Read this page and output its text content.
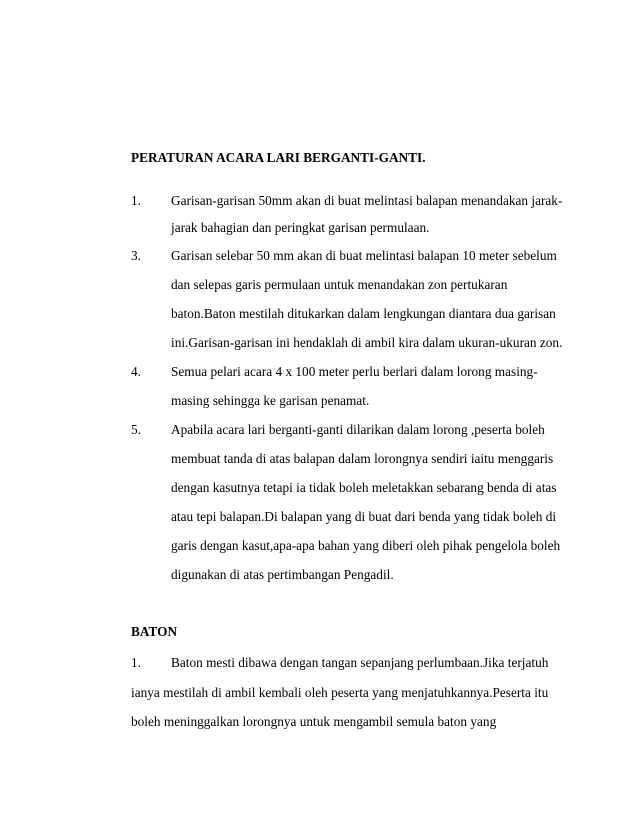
PERATURAN ACARA LARI BERGANTI-GANTI.
1. Garisan-garisan 50mm akan di buat melintasi balapan menandakan jarak-
jarak bahagian dan peringkat garisan permulaan.
3. Garisan selebar 50 mm akan di buat melintasi balapan 10 meter sebelum
dan selepas garis permulaan untuk menandakan zon pertukaran
baton.Baton mestilah ditukarkan dalam lengkungan diantara dua garisan
ini.Garisan-garisan ini hendaklah di ambil kira dalam ukuran-ukuran zon.
4. Semua pelari acara 4 x 100 meter perlu berlari dalam lorong masing-
masing sehingga ke garisan penamat.
5. Apabila acara lari berganti-ganti dilarikan dalam lorong ,peserta boleh
membuat tanda di atas balapan dalam lorongnya sendiri iaitu menggaris
dengan kasutnya tetapi ia tidak boleh meletakkan sebarang benda di atas
atau tepi balapan.Di balapan yang di buat dari benda yang tidak boleh di
garis dengan kasut,apa-apa bahan yang diberi oleh pihak pengelola boleh
digunakan di atas pertimbangan Pengadil.
BATON
1. Baton mesti dibawa dengan tangan sepanjang perlumbaan.Jika terjatuh
ianya mestilah di ambil kembali oleh peserta yang menjatuhkannya.Peserta itu
boleh meninggalkan lorongnya untuk mengambil semula baton yang
